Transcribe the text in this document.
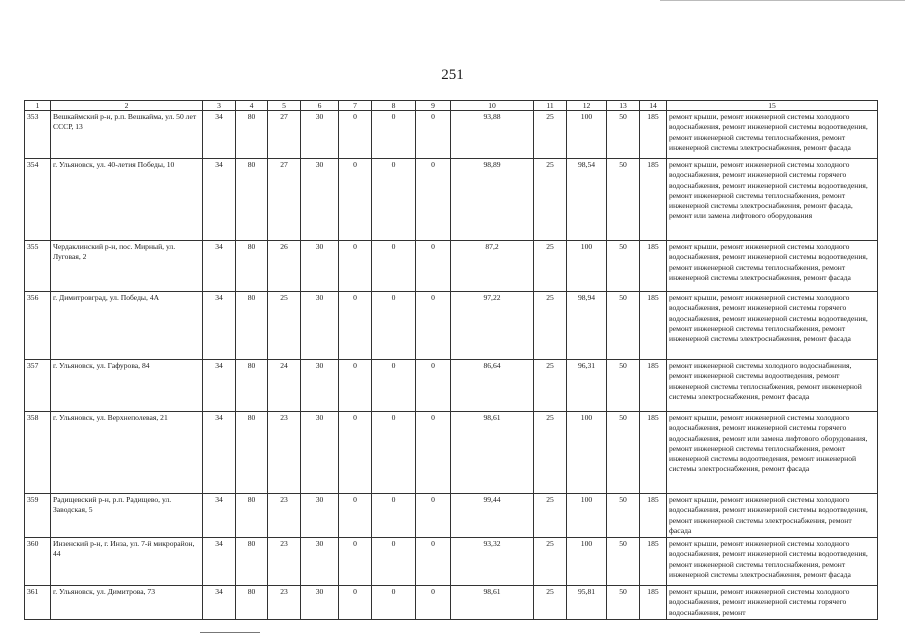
251
1	2	3	4	5	6	7	8	9	10	11	12	13	14	15
353	Вешкаймский р-н, р.п. Вешкайма, ул. 50 лет СССР, 13	34	80	27	30	0	0	0	93,88	25	100	50	185	ремонт крыши, ремонт инженерной системы холодного водоснабжения, ремонт инженерной системы водоотведения, ремонт инженерной системы теплоснабжения, ремонт инженерной системы электроснабжения, ремонт фасада
354	г. Ульяновск, ул. 40-летия Победы, 10	34	80	27	30	0	0	0	98,89	25	98,54	50	185	ремонт крыши, ремонт инженерной системы холодного водоснабжения, ремонт инженерной системы горячего водоснабжения, ремонт инженерной системы водоотведения, ремонт инженерной системы теплоснабжения, ремонт инженерной системы электроснабжения, ремонт фасада, ремонт или замена лифтового оборудования
355	Чердаклинский р-н, пос. Мирный, ул. Луговая, 2	34	80	26	30	0	0	0	87,2	25	100	50	185	ремонт крыши, ремонт инженерной системы холодного водоснабжения, ремонт инженерной системы водоотведения, ремонт инженерной системы теплоснабжения, ремонт инженерной системы электроснабжения, ремонт фасада
356	г. Димитровград, ул. Победы, 4А	34	80	25	30	0	0	0	97,22	25	98,94	50	185	ремонт крыши, ремонт инженерной системы холодного водоснабжения, ремонт инженерной системы горячего водоснабжения, ремонт инженерной системы водоотведения, ремонт инженерной системы теплоснабжения, ремонт инженерной системы электроснабжения, ремонт фасада
357	г. Ульяновск, ул. Гафурова, 84	34	80	24	30	0	0	0	86,64	25	96,31	50	185	ремонт инженерной системы холодного водоснабжения, ремонт инженерной системы водоотведения, ремонт инженерной системы теплоснабжения, ремонт инженерной системы электроснабжения, ремонт фасада
358	г. Ульяновск, ул. Верхнеполевая, 21	34	80	23	30	0	0	0	98,61	25	100	50	185	ремонт крыши, ремонт инженерной системы холодного водоснабжения, ремонт инженерной системы горячего водоснабжения, ремонт или замена лифтового оборудования, ремонт инженерной системы теплоснабжения, ремонт инженерной системы водоотведения, ремонт инженерной системы электроснабжения, ремонт фасада
359	Радищевский р-н, р.п. Радищево, ул. Заводская, 5	34	80	23	30	0	0	0	99,44	25	100	50	185	ремонт крыши, ремонт инженерной системы холодного водоснабжения, ремонт инженерной системы водоотведения, ремонт инженерной системы электроснабжения, ремонт фасада
360	Инзенский р-н, г. Инза, ул. 7-й микрорайон, 44	34	80	23	30	0	0	0	93,32	25	100	50	185	ремонт крыши, ремонт инженерной системы холодного водоснабжения, ремонт инженерной системы водоотведения, ремонт инженерной системы теплоснабжения, ремонт инженерной системы электроснабжения, ремонт фасада
361	г. Ульяновск, ул. Димитрова, 73	34	80	23	30	0	0	0	98,61	25	95,81	50	185	ремонт крыши, ремонт инженерной системы холодного водоснабжения, ремонт инженерной системы горячего водоснабжения, ремонт
